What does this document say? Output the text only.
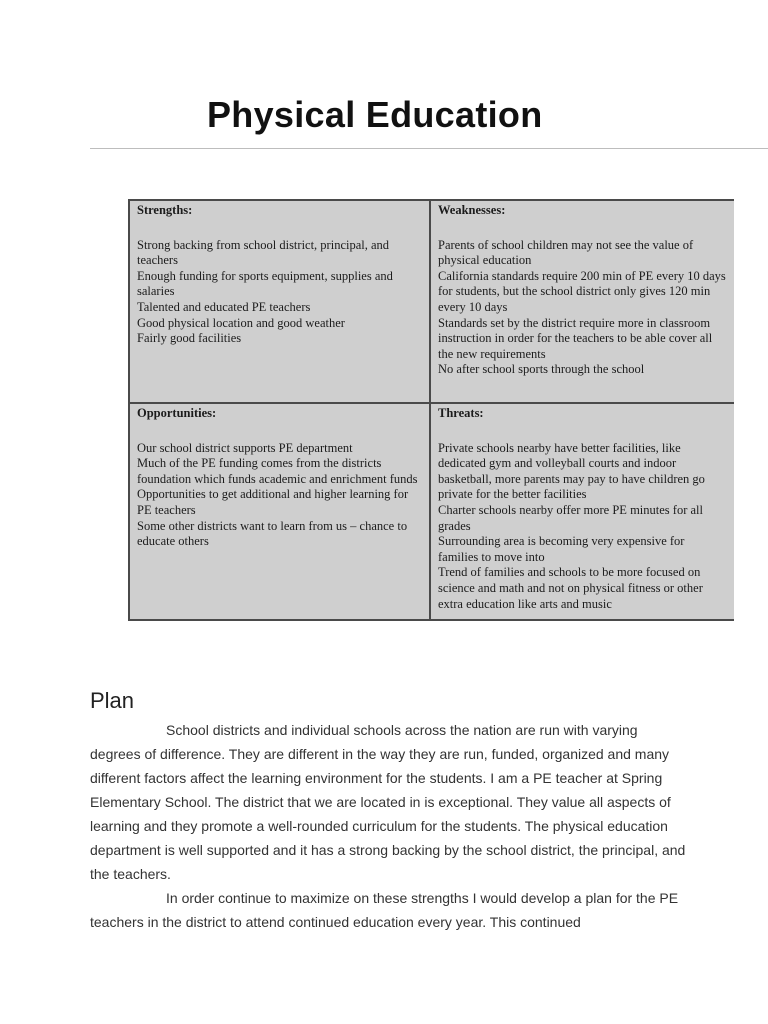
Physical Education

Strengths:

Strong backing from school district, principal, and teachers

Enough funding for sports equipment, supplies and salaries

Talented and educated PE teachers

Good physical location and good weather

Fairly good facilities

Weaknesses:

Parents of school children may not see the value of physical education

California standards require 200 min of PE every 10 days for students, but the school district only gives 120 min every 10 days

Standards set by the district require more in classroom instruction in order for the teachers to be able cover all the new requirements

No after school sports through the school

Opportunities:

Our school district supports PE department

Much of the PE funding comes from the districts foundation which funds academic and enrichment funds

Opportunities to get additional and higher learning for PE teachers

Some other districts want to learn from us – chance to educate others

Threats:

Private schools nearby have better facilities, like dedicated gym and volleyball courts and indoor basketball, more parents may pay to have children go private for the better facilities

Charter schools nearby offer more PE minutes for all grades

Surrounding area is becoming very expensive for families to move into

Trend of families and schools to be more focused on science and math and not on physical fitness or other extra education like arts and music

Plan

School districts and individual schools across the nation are run with varying degrees of difference. They are different in the way they are run, funded, organized and many different factors affect the learning environment for the students. I am a PE teacher at Spring Elementary School. The district that we are located in is exceptional. They value all aspects of learning and they promote a well-rounded curriculum for the students. The physical education department is well supported and it has a strong backing by the school district, the principal, and the teachers.

In order continue to maximize on these strengths I would develop a plan for the PE teachers in the district to attend continued education every year. This continued
